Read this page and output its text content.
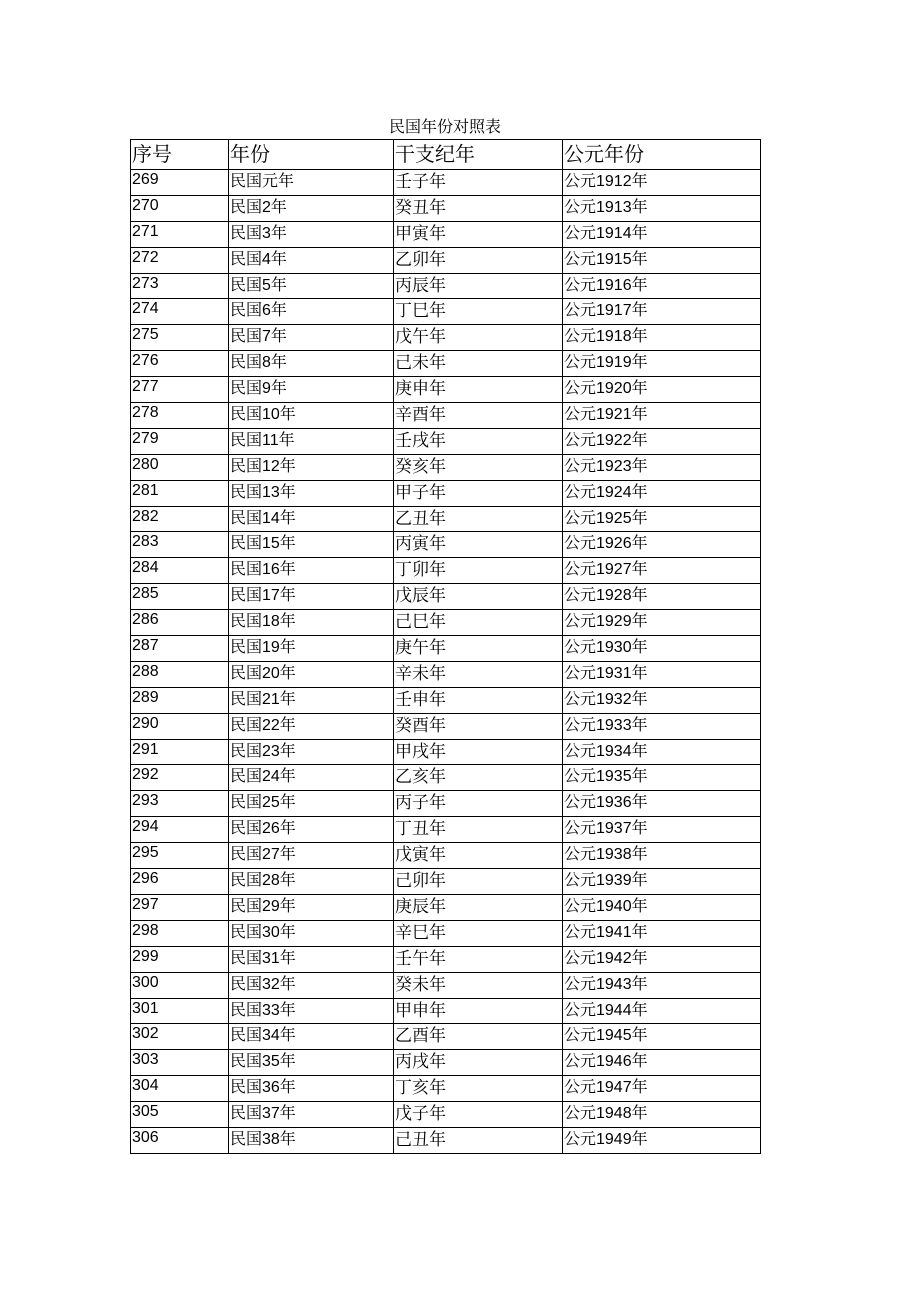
民国年份对照表
序号	年份	干支纪年	公元年份
269	民国元年	壬子年	公元1912年
270	民国2年	癸丑年	公元1913年
271	民国3年	甲寅年	公元1914年
272	民国4年	乙卯年	公元1915年
273	民国5年	丙辰年	公元1916年
274	民国6年	丁巳年	公元1917年
275	民国7年	戊午年	公元1918年
276	民国8年	己未年	公元1919年
277	民国9年	庚申年	公元1920年
278	民国10年	辛酉年	公元1921年
279	民国11年	壬戌年	公元1922年
280	民国12年	癸亥年	公元1923年
281	民国13年	甲子年	公元1924年
282	民国14年	乙丑年	公元1925年
283	民国15年	丙寅年	公元1926年
284	民国16年	丁卯年	公元1927年
285	民国17年	戊辰年	公元1928年
286	民国18年	己巳年	公元1929年
287	民国19年	庚午年	公元1930年
288	民国20年	辛未年	公元1931年
289	民国21年	壬申年	公元1932年
290	民国22年	癸酉年	公元1933年
291	民国23年	甲戌年	公元1934年
292	民国24年	乙亥年	公元1935年
293	民国25年	丙子年	公元1936年
294	民国26年	丁丑年	公元1937年
295	民国27年	戊寅年	公元1938年
296	民国28年	己卯年	公元1939年
297	民国29年	庚辰年	公元1940年
298	民国30年	辛巳年	公元1941年
299	民国31年	壬午年	公元1942年
300	民国32年	癸未年	公元1943年
301	民国33年	甲申年	公元1944年
302	民国34年	乙酉年	公元1945年
303	民国35年	丙戌年	公元1946年
304	民国36年	丁亥年	公元1947年
305	民国37年	戊子年	公元1948年
306	民国38年	己丑年	公元1949年
